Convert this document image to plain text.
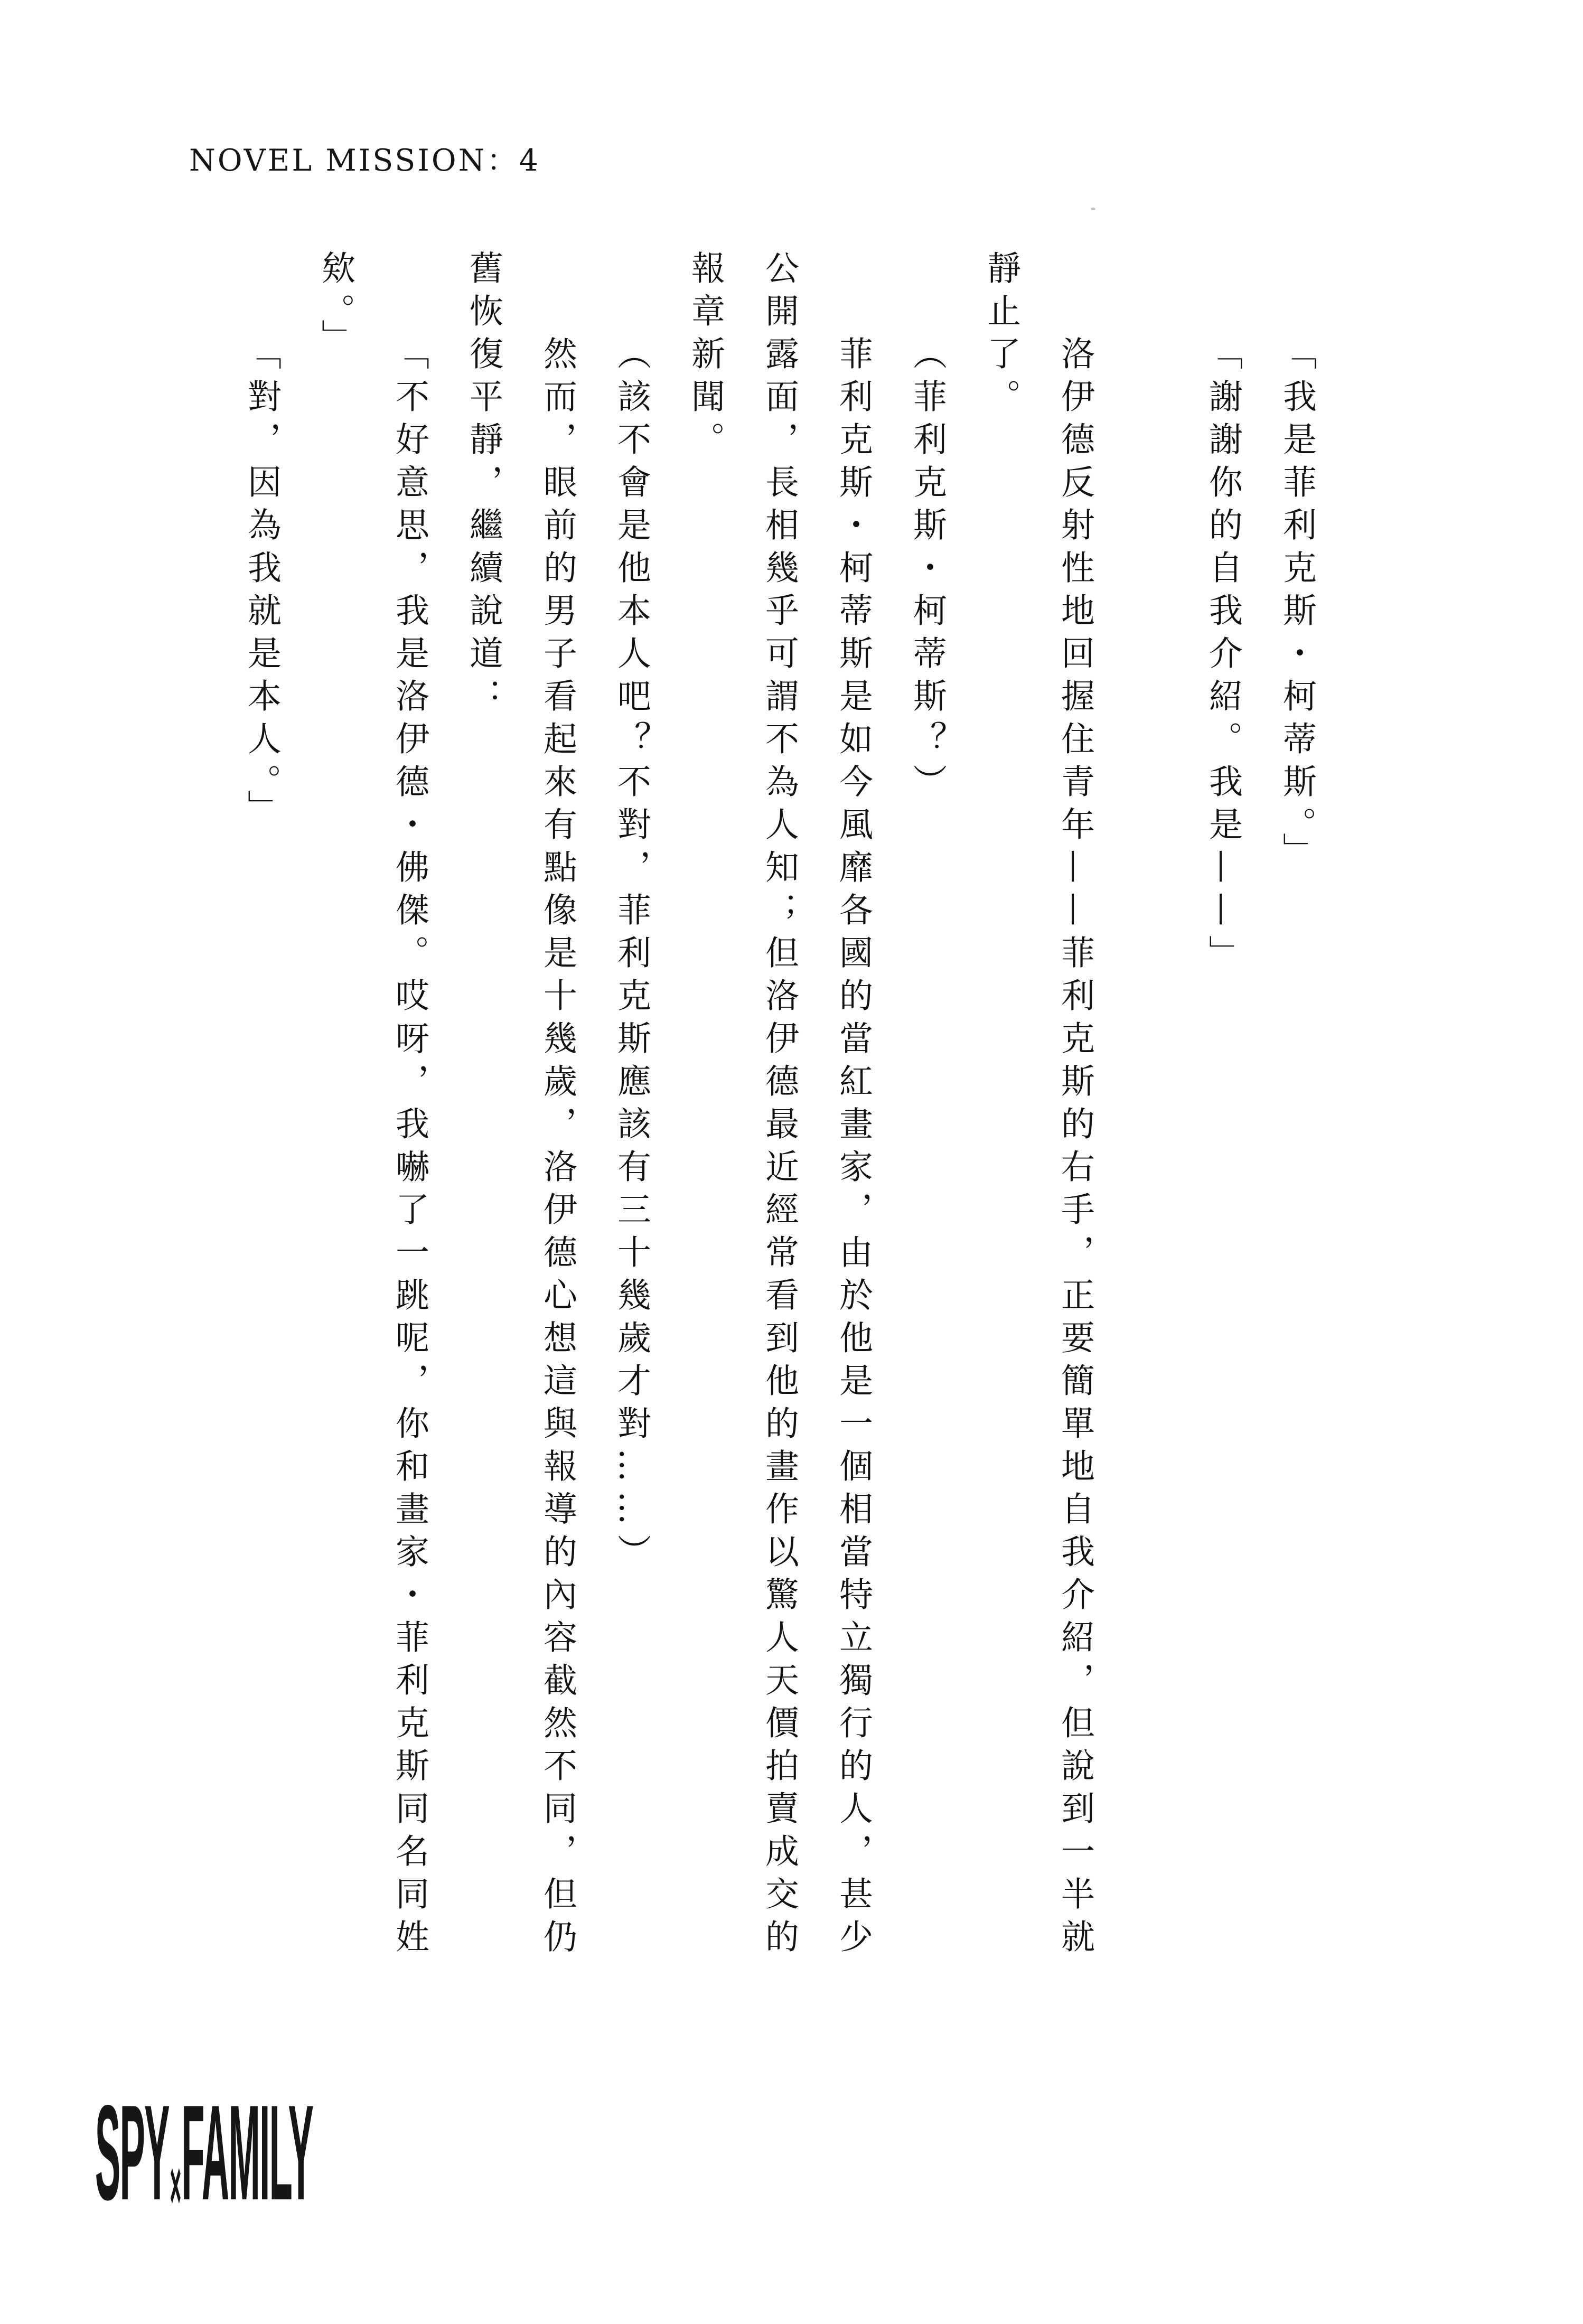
NOVEL MISSION：4

「我是菲利克斯・柯蒂斯。」

「謝謝你的自我介紹。我是——」

洛伊德反射性地回握住青年——菲利克斯的右手，正要簡單地自我介紹，但說到一半就靜止了。

（菲利克斯・柯蒂斯？）

菲利克斯・柯蒂斯是如今風靡各國的當紅畫家，由於他是一個相當特立獨行的人，甚少公開露面，長相幾乎可謂不為人知；但洛伊德最近經常看到他的畫作以驚人天價拍賣成交的報章新聞。

（該不會是他本人吧？不對，菲利克斯應該有三十幾歲才對……）

然而，眼前的男子看起來有點像是十幾歲，洛伊德心想這與報導的內容截然不同，但仍舊恢復平靜，繼續說道：

「不好意思，我是洛伊德・佛傑。哎呀，我嚇了一跳呢，你和畫家・菲利克斯同名同姓欸。」

「對，因為我就是本人。」

SPY×FAMILY
